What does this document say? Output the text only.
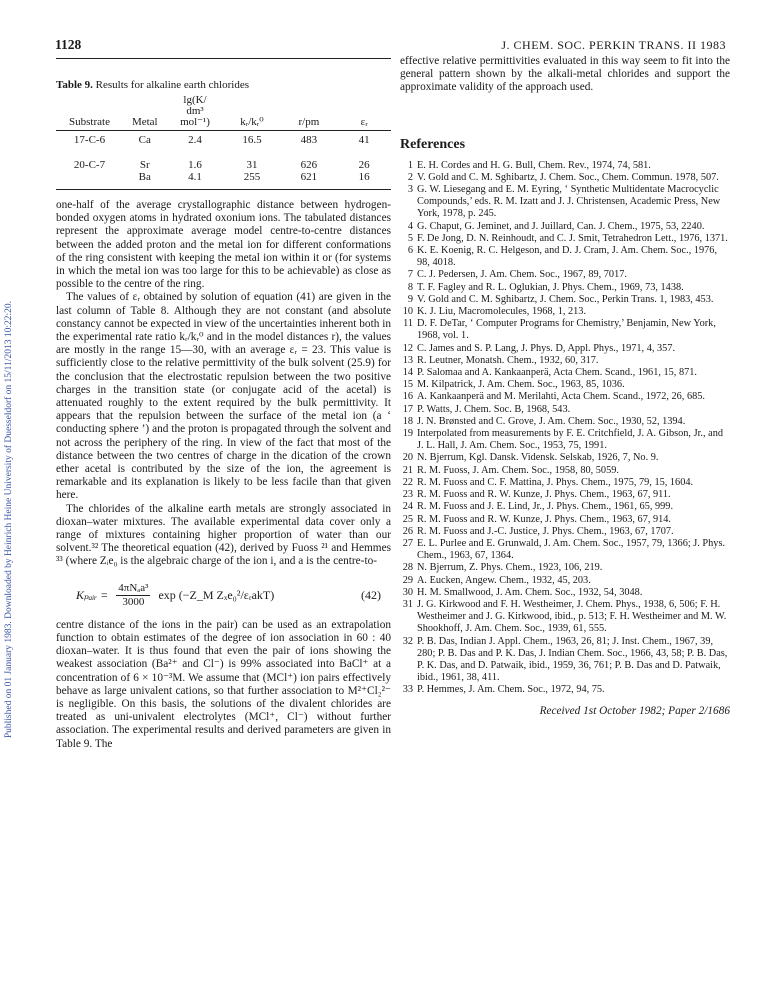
Published on 01 January 1983. Downloaded by Heinrich Heine University of Duesseldorf on 15/11/2013 10:22:20.
1128	J. CHEM. SOC. PERKIN TRANS. II 1983
Table 9. Results for alkaline earth chlorides
Substrate	Metal	lg(K/
dm³
mol⁻¹)	kᵣ/kᵣ⁰	r/pm	εᵣ

17-C-6	Ca	2.4	16.5	483	41

20-C-7	Sr	1.6	31	626	26
	Ba	4.1	255	621	16

one-half of the average crystallographic distance between hydrogen-bonded oxygen atoms in hydrated oxonium ions. The tabulated distances represent the approximate average model centre-to-centre distances between the added proton and the metal ion for different conformations of the ring consistent with keeping the metal ion within it or (for systems in which the metal ion was too large for this to be achievable) as close as possible to the centre of the ring.

The values of εᵣ obtained by solution of equation (41) are given in the last column of Table 8. Although they are not constant (and absolute constancy cannot be expected in view of the uncertainties inherent both in the experimental rate ratio kᵣ/kᵣ⁰ and in the model distances r), the values are mostly in the range 15—30, with an average εᵣ = 23. This value is sufficiently close to the relative permittivity of the bulk solvent (25.9) for the conclusion that the electrostatic repulsion between the two positive charges in the transition state (or conjugate acid of the acetal) is attenuated roughly to the extent required by the bulk permittivity. It appears that the repulsion between the surface of the metal ion (a ‘ conducting sphere ’) and the proton is propagated through the solvent and not across the periphery of the ring. In view of the fact that most of the distance between the two centres of charge in the dication of the crown ether acetal is contributed by the size of the ion, the agreement is remarkable and its explanation is likely to be less facile than that given here.

The chlorides of the alkaline earth metals are strongly associated in dioxan–water mixtures. The available experimental data cover only a range of mixtures containing higher proportion of water than our solvent.³² The theoretical equation (42), derived by Fuoss ²¹ and Hemmes ³³ (where Zᵢe₀ is the algebraic charge of the ion i, and a is the centre-to-

Kₚₐᵢᵣ = $\frac{\text{4πNₐa³}}{3000}$ exp (−Z_M Zₓe₀²/εᵣakT)	(42)

centre distance of the ions in the pair) can be used as an extrapolation function to obtain estimates of the degree of ion association in 60 : 40 dioxan–water. It is thus found that even the pair of ions showing the weakest association (Ba²⁺ and Cl⁻) is 99% associated into BaCl⁺ at a concentration of 6 × 10⁻³M. We assume that (MCl⁺) ion pairs effectively behave as large univalent cations, so that further association to M²⁺Cl₂²⁻ is negligible. On this basis, the solutions of the divalent chlorides are treated as uni-univalent electrolytes (MCl⁺, Cl⁻) without further association. The experimental results and derived parameters are given in Table 9. The

effective relative permittivities evaluated in this way seem to fit into the general pattern shown by the alkali-metal chlorides and support the approximate validity of the approach used.

References
1 E. H. Cordes and H. G. Bull, Chem. Rev., 1974, 74, 581.
2 V. Gold and C. M. Sghibartz, J. Chem. Soc., Chem. Commun. 1978, 507.
3 G. W. Liesegang and E. M. Eyring, ‘ Synthetic Multidentate Macrocyclic Compounds,’ eds. R. M. Izatt and J. J. Christensen, Academic Press, New York, 1978, p. 245.
4 G. Chaput, G. Jeminet, and J. Juillard, Can. J. Chem., 1975, 53, 2240.
5 F. De Jong, D. N. Reinhoudt, and C. J. Smit, Tetrahedron Lett., 1976, 1371.
6 K. E. Koenig, R. C. Helgeson, and D. J. Cram, J. Am. Chem. Soc., 1976, 98, 4018.
7 C. J. Pedersen, J. Am. Chem. Soc., 1967, 89, 7017.
8 T. F. Fagley and R. L. Oglukian, J. Phys. Chem., 1969, 73, 1438.
9 V. Gold and C. M. Sghibartz, J. Chem. Soc., Perkin Trans. 1, 1983, 453.
10 K. J. Liu, Macromolecules, 1968, 1, 213.
11 D. F. DeTar, ‘ Computer Programs for Chemistry,’ Benjamin, New York, 1968, vol. 1.
12 C. James and S. P. Lang, J. Phys. D, Appl. Phys., 1971, 4, 357.
13 R. Leutner, Monatsh. Chem., 1932, 60, 317.
14 P. Salomaa and A. Kankaanperä, Acta Chem. Scand., 1961, 15, 871.
15 M. Kilpatrick, J. Am. Chem. Soc., 1963, 85, 1036.
16 A. Kankaanperä and M. Merilahti, Acta Chem. Scand., 1972, 26, 685.
17 P. Watts, J. Chem. Soc. B, 1968, 543.
18 J. N. Brønsted and C. Grove, J. Am. Chem. Soc., 1930, 52, 1394.
19 Interpolated from measurements by F. E. Critchfield, J. A. Gibson, Jr., and J. L. Hall, J. Am. Chem. Soc., 1953, 75, 1991.
20 N. Bjerrum, Kgl. Dansk. Vidensk. Selskab, 1926, 7, No. 9.
21 R. M. Fuoss, J. Am. Chem. Soc., 1958, 80, 5059.
22 R. M. Fuoss and C. F. Mattina, J. Phys. Chem., 1975, 79, 15, 1604.
23 R. M. Fuoss and R. W. Kunze, J. Phys. Chem., 1963, 67, 911.
24 R. M. Fuoss and J. E. Lind, Jr., J. Phys. Chem., 1961, 65, 999.
25 R. M. Fuoss and R. W. Kunze, J. Phys. Chem., 1963, 67, 914.
26 R. M. Fuoss and J.-C. Justice, J. Phys. Chem., 1963, 67, 1707.
27 E. L. Purlee and E. Grunwald, J. Am. Chem. Soc., 1957, 79, 1366; J. Phys. Chem., 1963, 67, 1364.
28 N. Bjerrum, Z. Phys. Chem., 1923, 106, 219.
29 A. Eucken, Angew. Chem., 1932, 45, 203.
30 H. M. Smallwood, J. Am. Chem. Soc., 1932, 54, 3048.
31 J. G. Kirkwood and F. H. Westheimer, J. Chem. Phys., 1938, 6, 506; F. H. Westheimer and J. G. Kirkwood, ibid., p. 513; F. H. Westheimer and M. W. Shookhoff, J. Am. Chem. Soc., 1939, 61, 555.
32 P. B. Das, Indian J. Appl. Chem., 1963, 26, 81; J. Inst. Chem., 1967, 39, 280; P. B. Das and P. K. Das, J. Indian Chem. Soc., 1966, 43, 58; P. B. Das, P. K. Das, and D. Patwaik, ibid., 1959, 36, 761; P. B. Das and D. Patwaik, ibid., 1961, 38, 411.
33 P. Hemmes, J. Am. Chem. Soc., 1972, 94, 75.
Received 1st October 1982; Paper 2/1686
